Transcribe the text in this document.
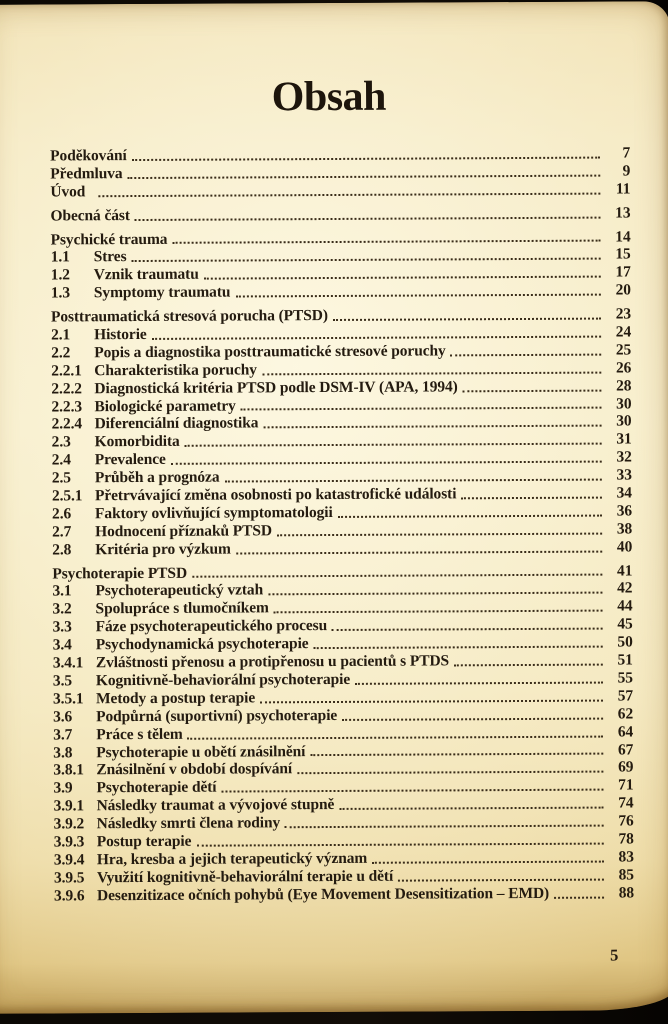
Obsah
Poděkování	7
Předmluva	9
Úvod	11
Obecná část	13
Psychické trauma	14
1.1	Stres	15
1.2	Vznik traumatu	17
1.3	Symptomy traumatu	20
Posttraumatická stresová porucha (PTSD)	23
2.1	Historie	24
2.2	Popis a diagnostika posttraumatické stresové poruchy	25
2.2.1 Charakteristika poruchy	26
2.2.2 Diagnostická kritéria PTSD podle DSM-IV (APA, 1994)	28
2.2.3 Biologické parametry	30
2.2.4 Diferenciální diagnostika	30
2.3	Komorbidita	31
2.4	Prevalence	32
2.5	Průběh a prognóza	33
2.5.1 Přetrvávající změna osobnosti po katastrofické události	34
2.6	Faktory ovlivňující symptomatologii	36
2.7	Hodnocení příznaků PTSD	38
2.8	Kritéria pro výzkum	40
Psychoterapie PTSD	41
3.1	Psychoterapeutický vztah	42
3.2	Spolupráce s tlumočníkem	44
3.3	Fáze psychoterapeutického procesu	45
3.4	Psychodynamická psychoterapie	50
3.4.1 Zvláštnosti přenosu a protipřenosu u pacientů s PTDS	51
3.5	Kognitivně-behaviorální psychoterapie	55
3.5.1 Metody a postup terapie	57
3.6	Podpůrná (suportivní) psychoterapie	62
3.7	Práce s tělem	64
3.8	Psychoterapie u obětí znásilnění	67
3.8.1 Znásilnění v období dospívání	69
3.9	Psychoterapie dětí	71
3.9.1 Následky traumat a vývojové stupně	74
3.9.2 Následky smrti člena rodiny	76
3.9.3 Postup terapie	78
3.9.4 Hra, kresba a jejich terapeutický význam	83
3.9.5 Využití kognitivně-behaviorální terapie u dětí	85
3.9.6 Desenzitizace očních pohybů (Eye Movement Desensitization – EMD)	88
5
